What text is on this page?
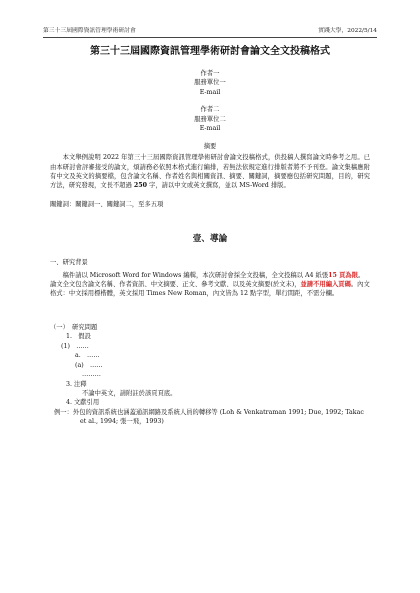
第三十三屆國際資訊管理學術研討會	實踐大學，2022/5/14

第三十三屆國際資訊管理學術研討會論文全文投稿格式

作者一

服務單位一

E-mail

作者二

服務單位二

E-mail

摘要

本文舉例說明 2022 年第三十三屆國際資訊管理學術研討會論文投稿格式，供投稿人撰寫論文時參考之用。已由本研討會評審接受的論文，煩請務必依照本格式進行編排，若無法依規定進行排版者將不予刊登。論文集稿應附有中文及英文的摘要檔，包含論文名稱、作者姓名與相關資訊、摘要、關鍵詞，摘要應包括研究問題，目的，研究方法，研究發現，文長不超過 250 字，請以中文或英文撰寫，並以 MS-Word 排版。

關鍵詞：關鍵詞一、關鍵詞二，至多五項

壹、導論

一、研究背景

稿件請以 Microsoft Word for Windows 編輯，本次研討會採全文投稿，全文投稿以 A4 紙張15 頁為限。論文全文包含論文名稱、作者資訊、中文摘要、正文、參考文獻、以及英文摘要(於文末)，並請不用編入頁碼。內文格式：中文採用標楷體，英文採用 Times New Roman，內文皆為 12 點字型，單行間距，不需分欄。

（一）　 研究問題

1.　假設

(1)　……

a.　……

(a)　……

………

3. 注釋

不論中英文，請附註於該頁頁底。

4. 文獻引用

例一：外包的資訊系統也涵蓋通訊網路及系統人員的轉移等 (Loh & Venkatraman 1991; Due, 1992; Takac et al., 1994; 張一飛，1993)
